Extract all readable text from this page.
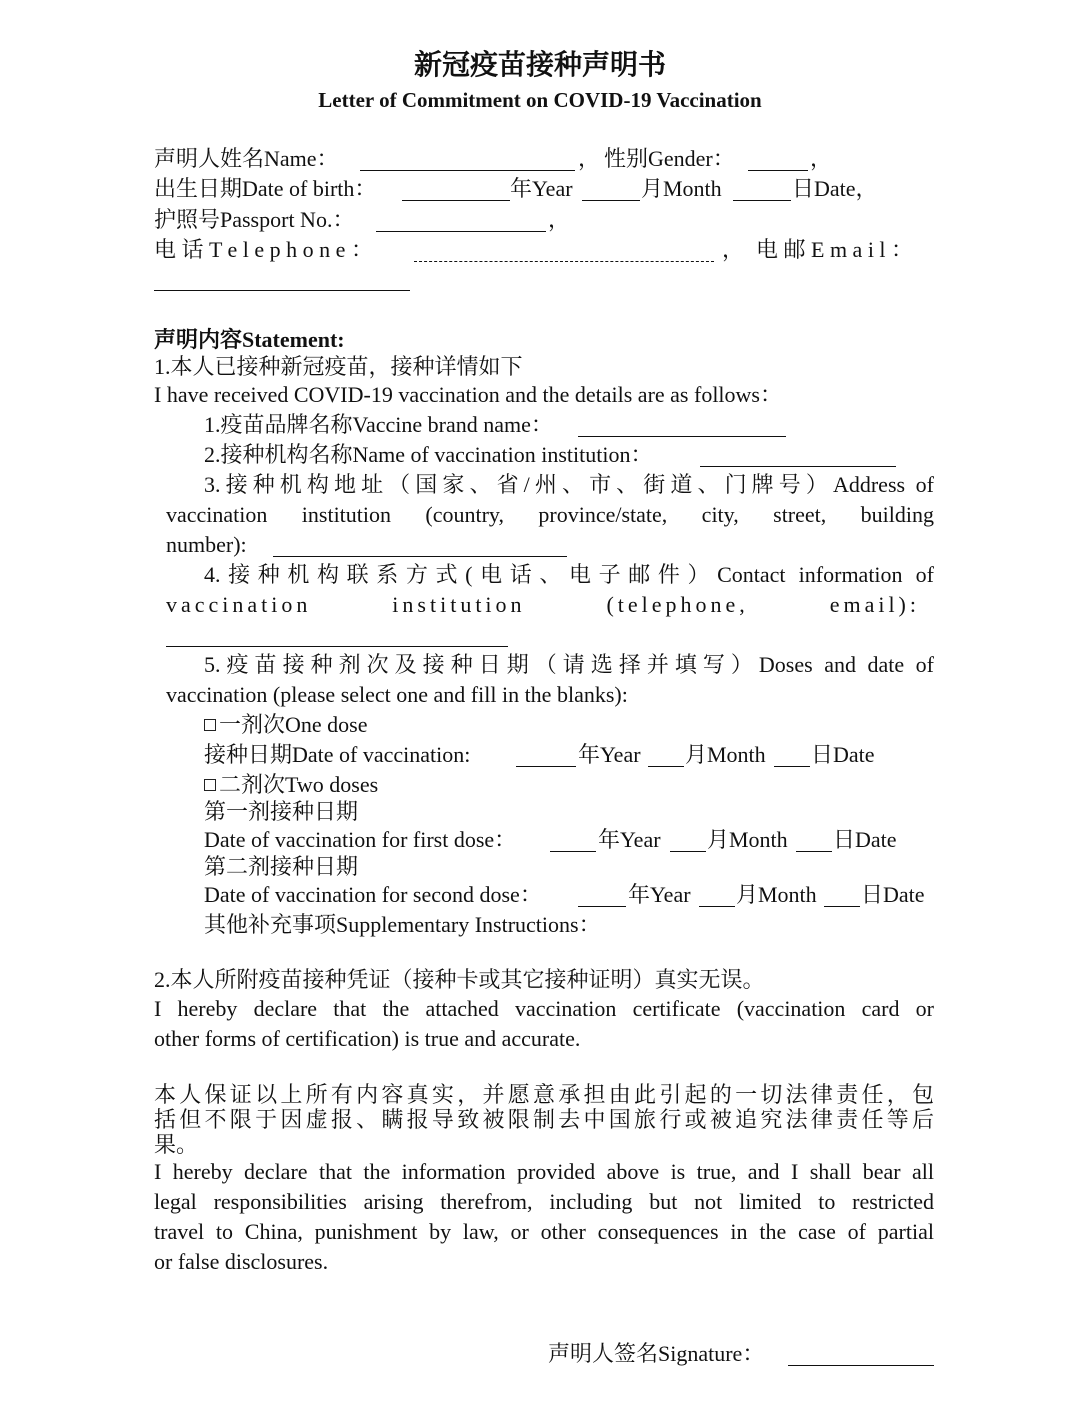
新冠疫苗接种声明书
Letter of Commitment on COVID-19 Vaccination
声明人姓名Name：	， 性别Gender：	，
出生日期Date of birth：	年Year	月Month	日Date，
护照号Passport No.：	，
电 话 T e l e p h o n e ：	， 电 邮 E m a i l ：
声明内容Statement:
1.本人已接种新冠疫苗，接种详情如下
I have received COVID-19 vaccination and the details are as follows：
1.疫苗品牌名称Vaccine brand name：
2.接种机构名称Name of vaccination institution：
3.接种机构地址（国家、省/州、市、街道、门牌号）Address of
vaccination institution (country, province/state, city, street, building
number):
4.接种机构联系方式(电话、电子邮件）Contact information of
vaccination institution (telephone, email):
5.疫苗接种剂次及接种日期（请选择并填写）Doses and date of
vaccination (please select one and fill in the blanks):
一剂次One dose
接种日期Date of vaccination:	年Year 月Month 日Date
二剂次Two doses
第一剂接种日期
Date of vaccination for first dose：	年Year 月Month 日Date
第二剂接种日期
Date of vaccination for second dose：	年Year 月Month 日Date
其他补充事项Supplementary Instructions：
2.本人所附疫苗接种凭证（接种卡或其它接种证明）真实无误。
I hereby declare that the attached vaccination certificate (vaccination card or
other forms of certification) is true and accurate.
本人保证以上所有内容真实，并愿意承担由此引起的一切法律责任，包
括但不限于因虚报、瞒报导致被限制去中国旅行或被追究法律责任等后
果。
I hereby declare that the information provided above is true, and I shall bear all
legal responsibilities arising therefrom, including but not limited to restricted
travel to China, punishment by law, or other consequences in the case of partial
or false disclosures.
声明人签名Signature：
